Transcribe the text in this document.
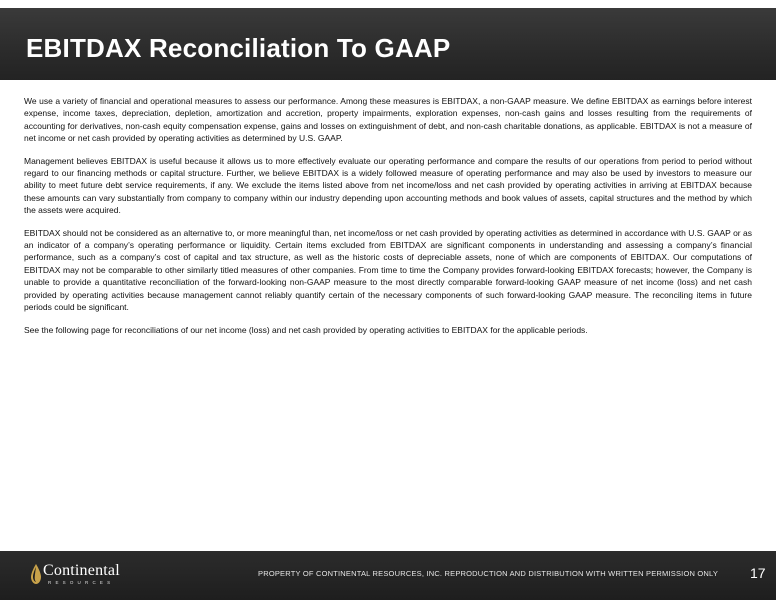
EBITDAX Reconciliation To GAAP

We use a variety of financial and operational measures to assess our performance. Among these measures is EBITDAX, a non-GAAP measure. We define EBITDAX as earnings before interest expense, income taxes, depreciation, depletion, amortization and accretion, property impairments, exploration expenses, non-cash gains and losses resulting from the requirements of accounting for derivatives, non-cash equity compensation expense, gains and losses on extinguishment of debt, and non-cash charitable donations, as applicable. EBITDAX is not a measure of net income or net cash provided by operating activities as determined by U.S. GAAP.

Management believes EBITDAX is useful because it allows us to more effectively evaluate our operating performance and compare the results of our operations from period to period without regard to our financing methods or capital structure. Further, we believe EBITDAX is a widely followed measure of operating performance and may also be used by investors to measure our ability to meet future debt service requirements, if any. We exclude the items listed above from net income/loss and net cash provided by operating activities in arriving at EBITDAX because these amounts can vary substantially from company to company within our industry depending upon accounting methods and book values of assets, capital structures and the method by which the assets were acquired.

EBITDAX should not be considered as an alternative to, or more meaningful than, net income/loss or net cash provided by operating activities as determined in accordance with U.S. GAAP or as an indicator of a company’s operating performance or liquidity. Certain items excluded from EBITDAX are significant components in understanding and assessing a company’s financial performance, such as a company’s cost of capital and tax structure, as well as the historic costs of depreciable assets, none of which are components of EBITDAX. Our computations of EBITDAX may not be comparable to other similarly titled measures of other companies. From time to time the Company provides forward-looking EBITDAX forecasts; however, the Company is unable to provide a quantitative reconciliation of the forward-looking non-GAAP measure to the most directly comparable forward-looking GAAP measure of net income (loss) and net cash provided by operating activities because management cannot reliably quantify certain of the necessary components of such forward-looking GAAP measure. The reconciling items in future periods could be significant.

See the following page for reconciliations of our net income (loss) and net cash provided by operating activities to EBITDAX for the applicable periods.

Continental
RESOURCES
PROPERTY OF CONTINENTAL RESOURCES, INC. REPRODUCTION AND DISTRIBUTION WITH WRITTEN PERMISSION ONLY 17
